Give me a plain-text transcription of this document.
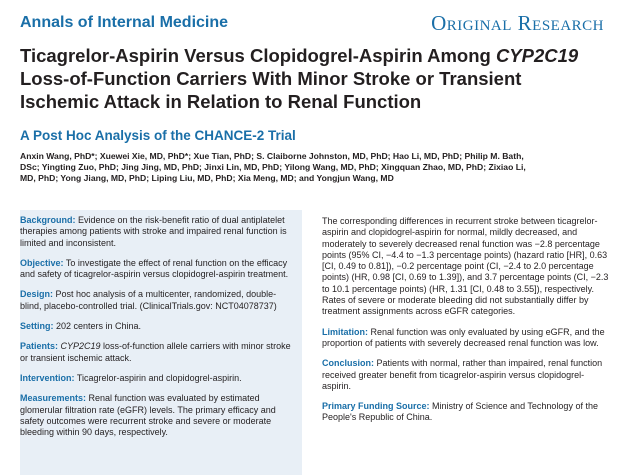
Annals of Internal Medicine	Original Research
Ticagrelor-Aspirin Versus Clopidogrel-Aspirin Among CYP2C19 Loss-of-Function Carriers With Minor Stroke or Transient Ischemic Attack in Relation to Renal Function
A Post Hoc Analysis of the CHANCE-2 Trial
Anxin Wang, PhD*; Xuewei Xie, MD, PhD*; Xue Tian, PhD; S. Claiborne Johnston, MD, PhD; Hao Li, MD, PhD; Philip M. Bath, DSc; Yingting Zuo, PhD; Jing Jing, MD, PhD; Jinxi Lin, MD, PhD; Yilong Wang, MD, PhD; Xingquan Zhao, MD, PhD; Zixiao Li, MD, PhD; Yong Jiang, MD, PhD; Liping Liu, MD, PhD; Xia Meng, MD; and Yongjun Wang, MD

Background: Evidence on the risk-benefit ratio of dual antiplatelet therapies among patients with stroke and impaired renal function is limited and inconsistent.

Objective: To investigate the effect of renal function on the efficacy and safety of ticagrelor-aspirin versus clopidogrel-aspirin treatment.

Design: Post hoc analysis of a multicenter, randomized, double-blind, placebo-controlled trial. (ClinicalTrials.gov: NCT04078737)

Setting: 202 centers in China.

Patients: CYP2C19 loss-of-function allele carriers with minor stroke or transient ischemic attack.

Intervention: Ticagrelor-aspirin and clopidogrel-aspirin.

Measurements: Renal function was evaluated by estimated glomerular filtration rate (eGFR) levels. The primary efficacy and safety outcomes were recurrent stroke and severe or moderate bleeding within 90 days, respectively.

The corresponding differences in recurrent stroke between ticagrelor-aspirin and clopidogrel-aspirin for normal, mildly decreased, and moderately to severely decreased renal function was −2.8 percentage points (95% CI, −4.4 to −1.3 percentage points) (hazard ratio [HR], 0.63 [CI, 0.49 to 0.81]), −0.2 percentage point (CI, −2.4 to 2.0 percentage points) (HR, 0.98 [CI, 0.69 to 1.39]), and 3.7 percentage points (CI, −2.3 to 10.1 percentage points) (HR, 1.31 [CI, 0.48 to 3.55]), respectively. Rates of severe or moderate bleeding did not substantially differ by treatment assignments across eGFR categories.

Limitation: Renal function was only evaluated by using eGFR, and the proportion of patients with severely decreased renal function was low.

Conclusion: Patients with normal, rather than impaired, renal function received greater benefit from ticagrelor-aspirin versus clopidogrel-aspirin.

Primary Funding Source: Ministry of Science and Technology of the People's Republic of China.
